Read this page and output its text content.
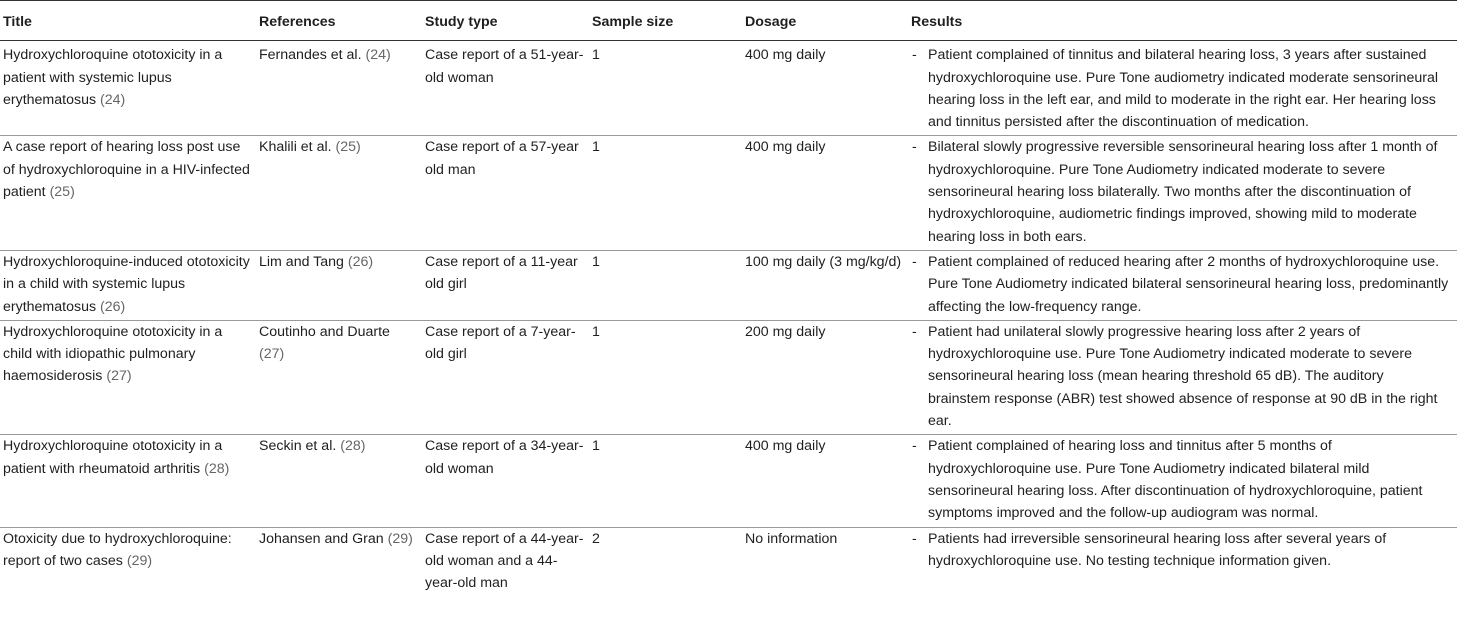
Title	References	Study type	Sample size	Dosage	Results
Hydroxychloroquine ototoxicity in a patient with systemic lupus erythematosus (24)	Fernandes et al. (24)	Case report of a 51-year-old woman	1	400 mg daily	- Patient complained of tinnitus and bilateral hearing loss, 3 years after sustained hydroxychloroquine use. Pure Tone audiometry indicated moderate sensorineural hearing loss in the left ear, and mild to moderate in the right ear. Her hearing loss and tinnitus persisted after the discontinuation of medication.

A case report of hearing loss post use of hydroxychloroquine in a HIV-infected patient (25)	Khalili et al. (25)	Case report of a 57-year old man	1	400 mg daily	- Bilateral slowly progressive reversible sensorineural hearing loss after 1 month of hydroxychloroquine. Pure Tone Audiometry indicated moderate to severe sensorineural hearing loss bilaterally. Two months after the discontinuation of hydroxychloroquine, audiometric findings improved, showing mild to moderate hearing loss in both ears.

Hydroxychloroquine-induced ototoxicity in a child with systemic lupus erythematosus (26)	Lim and Tang (26)	Case report of a 11-year old girl	1	100 mg daily (3 mg/kg/d)	- Patient complained of reduced hearing after 2 months of hydroxychloroquine use. Pure Tone Audiometry indicated bilateral sensorineural hearing loss, predominantly affecting the low-frequency range.

Hydroxychloroquine ototoxicity in a child with idiopathic pulmonary haemosiderosis (27)	Coutinho and Duarte (27)	Case report of a 7-year-old girl	1	200 mg daily	- Patient had unilateral slowly progressive hearing loss after 2 years of hydroxychloroquine use. Pure Tone Audiometry indicated moderate to severe sensorineural hearing loss (mean hearing threshold 65 dB). The auditory brainstem response (ABR) test showed absence of response at 90 dB in the right ear.

Hydroxychloroquine ototoxicity in a patient with rheumatoid arthritis (28)	Seckin et al. (28)	Case report of a 34-year-old woman	1	400 mg daily	- Patient complained of hearing loss and tinnitus after 5 months of hydroxychloroquine use. Pure Tone Audiometry indicated bilateral mild sensorineural hearing loss. After discontinuation of hydroxychloroquine, patient symptoms improved and the follow-up audiogram was normal.

Otoxicity due to hydroxychloroquine: report of two cases (29)	Johansen and Gran (29)	Case report of a 44-year-old woman and a 44-year-old man	2	No information	- Patients had irreversible sensorineural hearing loss after several years of hydroxychloroquine use. No testing technique information given.
